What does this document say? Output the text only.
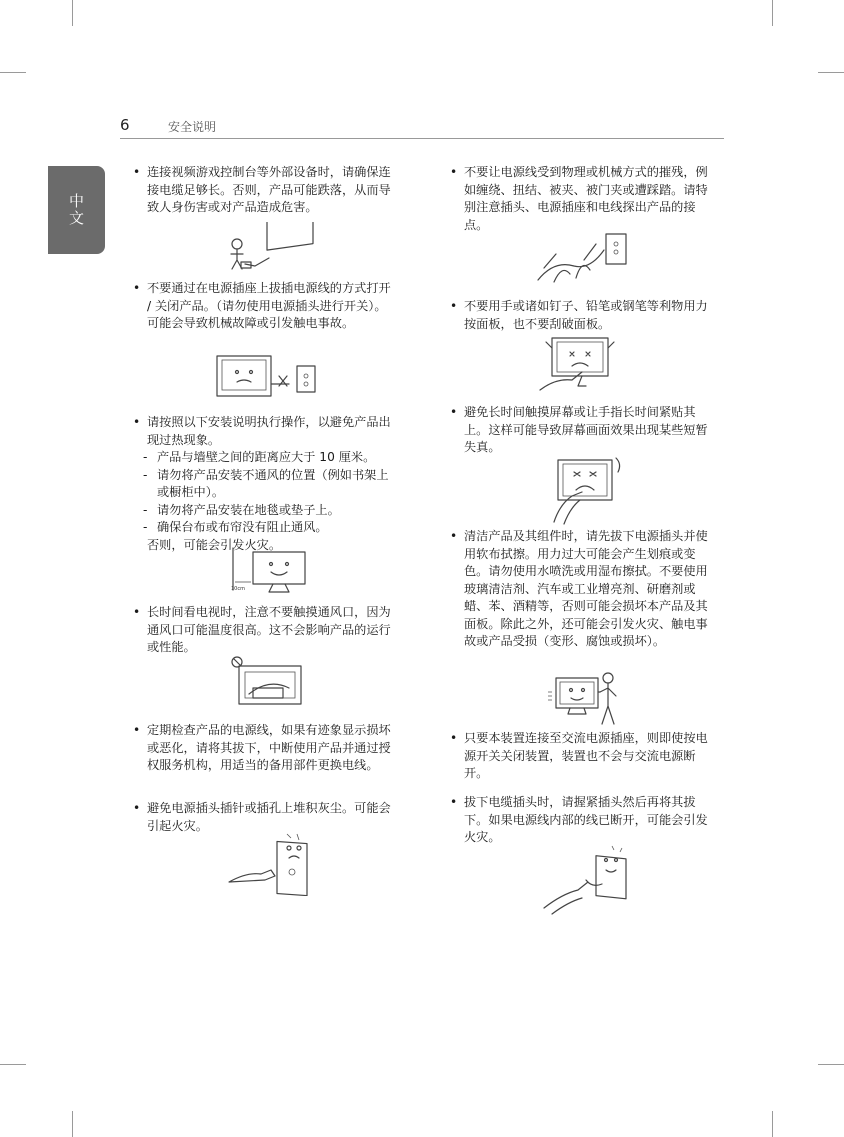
6	安全说明
中文
• 连接视频游戏控制台等外部设备时，请确保连接电缆足够长。否则，产品可能跌落，从而导致人身伤害或对产品造成危害。
• 不要通过在电源插座上拔插电源线的方式打开 / 关闭产品。（请勿使用电源插头进行开关）。可能会导致机械故障或引发触电事故。
• 请按照以下安装说明执行操作，以避免产品出现过热现象。
- 产品与墙壁之间的距离应大于 10 厘米。
- 请勿将产品安装不通风的位置（例如书架上或橱柜中）。
- 请勿将产品安装在地毯或垫子上。
- 确保台布或布帘没有阻止通风。
否则，可能会引发火灾。
10cm
• 长时间看电视时，注意不要触摸通风口，因为通风口可能温度很高。这不会影响产品的运行或性能。
• 定期检查产品的电源线，如果有迹象显示损坏或恶化，请将其拔下，中断使用产品并通过授权服务机构，用适当的备用部件更换电线。
• 避免电源插头插针或插孔上堆积灰尘。可能会引起火灾。
• 不要让电源线受到物理或机械方式的摧残，例如缠绕、扭结、被夹、被门夹或遭踩踏。请特别注意插头、电源插座和电线探出产品的接点。
• 不要用手或诸如钉子、铅笔或钢笔等利物用力按面板，也不要刮破面板。
• 避免长时间触摸屏幕或让手指长时间紧贴其上。这样可能导致屏幕画面效果出现某些短暂失真。
• 清洁产品及其组件时，请先拔下电源插头并使用软布拭擦。用力过大可能会产生划痕或变色。请勿使用水喷洗或用湿布擦拭。不要使用玻璃清洁剂、汽车或工业增亮剂、研磨剂或蜡、苯、酒精等，否则可能会损坏本产品及其面板。除此之外，还可能会引发火灾、触电事故或产品受损（变形、腐蚀或损坏）。
• 只要本装置连接至交流电源插座，则即使按电源开关关闭装置，装置也不会与交流电源断开。
• 拔下电缆插头时，请握紧插头然后再将其拔下。如果电源线内部的线已断开，可能会引发火灾。
